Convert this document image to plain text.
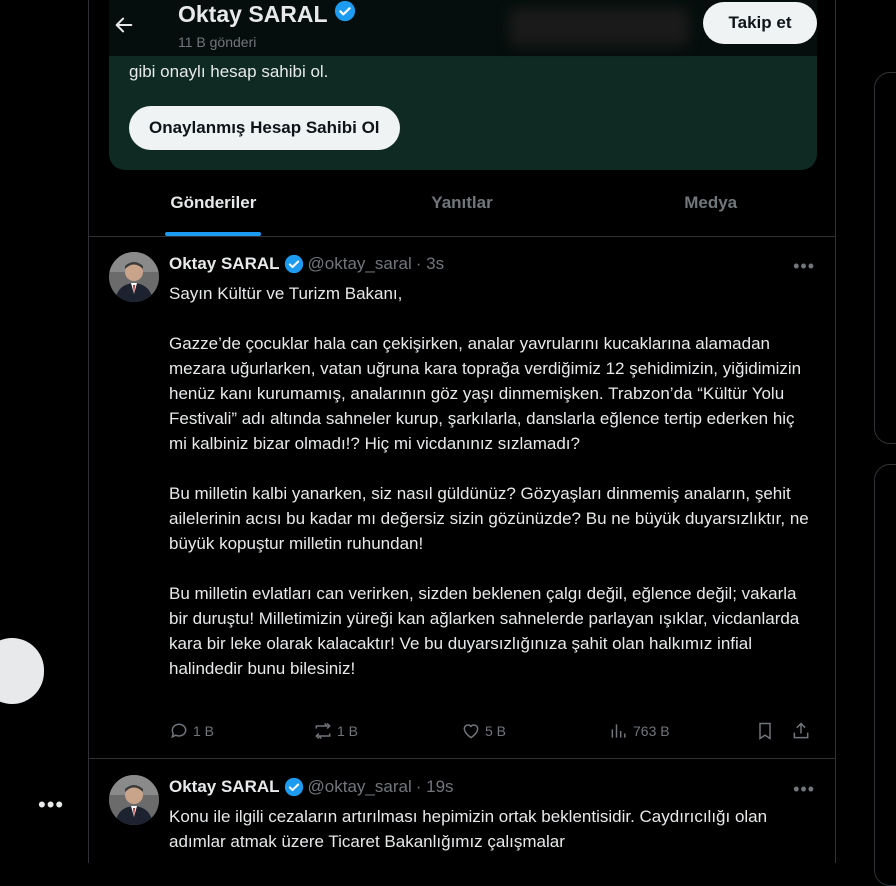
•••
gibi onaylı hesap sahibi ol.
Onaylanmış Hesap Sahibi Ol
Oktay SARAL
11 B gönderi
Takip et
Gönderiler	Yanıtlar	Medya
Oktay SARAL @oktay_saral · 3s	•••

Sayın Kültür ve Turizm Bakanı,

Gazze’de çocuklar hala can çekişirken, analar yavrularını kucaklarına alamadan mezara uğurlarken, vatan uğruna kara toprağa verdiğimiz 12 şehidimizin, yiğidimizin henüz kanı kurumamış, analarının göz yaşı dinmemişken. Trabzon’da “Kültür Yolu Festivali” adı altında sahneler kurup, şarkılarla, danslarla eğlence tertip ederken hiç mi kalbiniz bizar olmadı!? Hiç mi vicdanınız sızlamadı?

Bu milletin kalbi yanarken, siz nasıl güldünüz? Gözyaşları dinmemiş anaların, şehit ailelerinin acısı bu kadar mı değersiz sizin gözünüzde? Bu ne büyük duyarsızlıktır, ne büyük kopuştur milletin ruhundan!

Bu milletin evlatları can verirken, sizden beklenen çalgı değil, eğlence değil; vakarla bir duruştu! Milletimizin yüreği kan ağlarken sahnelerde parlayan ışıklar, vicdanlarda kara bir leke olarak kalacaktır! Ve bu duyarsızlığınıza şahit olan halkımız infial halindedir bunu bilesiniz!

1 B	1 B	5 B	763 B
Oktay SARAL @oktay_saral · 19s	•••

Konu ile ilgili cezaların artırılması hepimizin ortak beklentisidir. Caydırıcılığı olan adımlar atmak üzere Ticaret Bakanlığımız çalışmalar
